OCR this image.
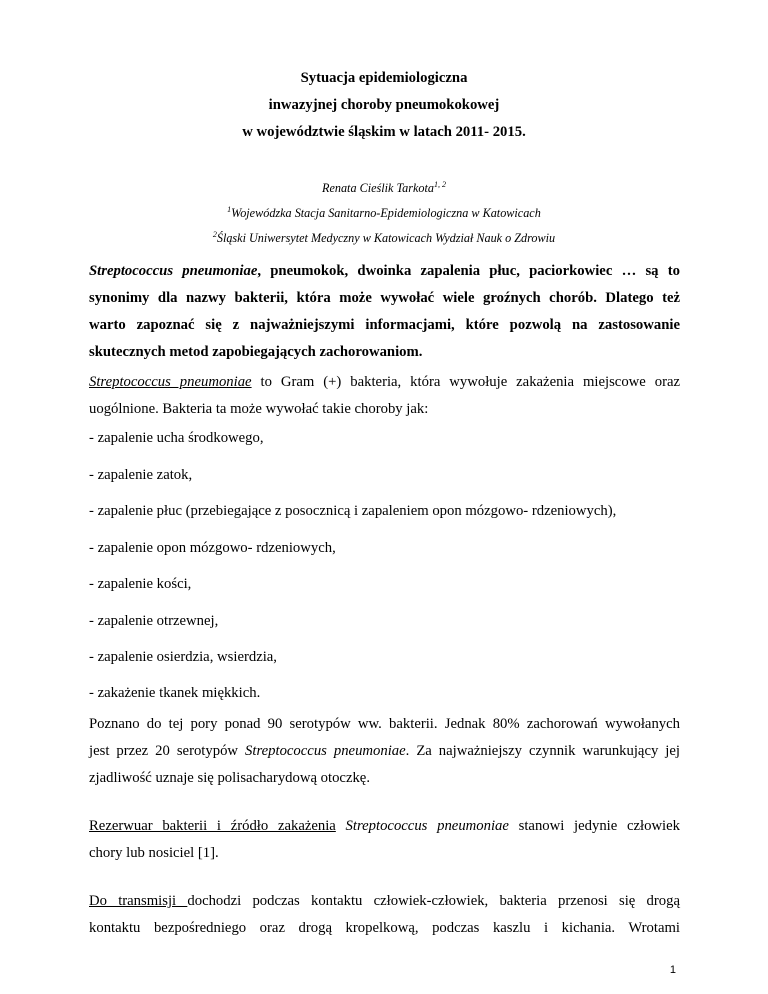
Sytuacja epidemiologiczna
inwazyjnej choroby pneumokokowej
w województwie śląskim w latach 2011- 2015.
Renata Cieślik Tarkota$^{1, 2}$
$^1$Wojewódzka Stacja Sanitarno-Epidemiologiczna w Katowicach
$^2$Śląski Uniwersytet Medyczny w Katowicach Wydział Nauk o Zdrowiu
Streptococcus pneumoniae, pneumokok, dwoinka zapalenia płuc, paciorkowiec … są to
synonimy dla nazwy bakterii, która może wywołać wiele groźnych chorób. Dlatego też
warto zapoznać się z najważniejszymi informacjami, które pozwolą na zastosowanie
skutecznych metod zapobiegających zachorowaniom.
Streptococcus pneumoniae to Gram (+) bakteria, która wywołuje zakażenia miejscowe oraz
uogólnione. Bakteria ta może wywołać takie choroby jak:
- zapalenie ucha środkowego,
- zapalenie zatok,
- zapalenie płuc (przebiegające z posocznicą i zapaleniem opon mózgowo- rdzeniowych),
- zapalenie opon mózgowo- rdzeniowych,
- zapalenie kości,
- zapalenie otrzewnej,
- zapalenie osierdzia, wsierdzia,
- zakażenie tkanek miękkich.
Poznano do tej pory ponad 90 serotypów ww. bakterii. Jednak 80% zachorowań wywołanych
jest przez 20 serotypów Streptococcus pneumoniae. Za najważniejszy czynnik warunkujący jej
zjadliwość uznaje się polisacharydową otoczkę.
Rezerwuar bakterii i źródło zakażenia Streptococcus pneumoniae stanowi jedynie człowiek
chory lub nosiciel [1].
Do transmisji dochodzi podczas kontaktu człowiek-człowiek, bakteria przenosi się drogą
kontaktu bezpośredniego oraz drogą kropelkową, podczas kaszlu i kichania. Wrotami
1
